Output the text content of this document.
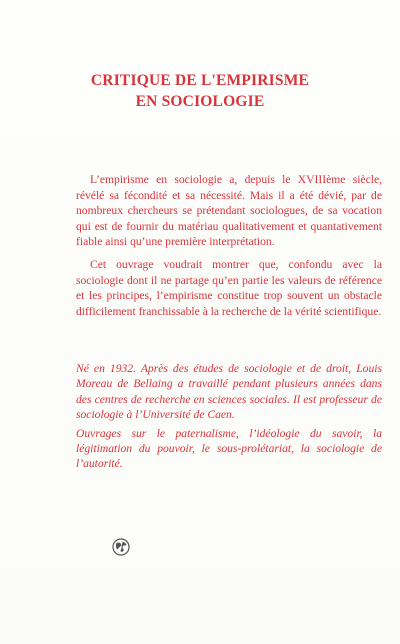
CRITIQUE DE L'EMPIRISME
EN SOCIOLOGIE

L’empirisme en sociologie a, depuis le XVIIIème siècle, révélé sa fécondité et sa nécessité. Mais il a été dévié, par de nombreux chercheurs se prétendant sociologues, de sa vocation qui est de fournir du matériau qualitativement et quantativement fiable ainsi qu’une première interprétation.

Cet ouvrage voudrait montrer que, confondu avec la sociologie dont il ne partage qu’en partie les valeurs de référence et les principes, l’empirisme constitue trop souvent un obstacle difficilement franchissable à la recherche de la vérité scientifique.

Né en 1932. Après des études de sociologie et de droit, Louis Moreau de Bellaing a travaillé pendant plusieurs années dans des centres de recherche en sciences sociales. Il est professeur de sociologie à l’Université de Caen.

Ouvrages sur le paternalisme, l’idéologie du savoir, la légitimation du pouvoir, le sous-prolétariat, la sociologie de l’autorité.
